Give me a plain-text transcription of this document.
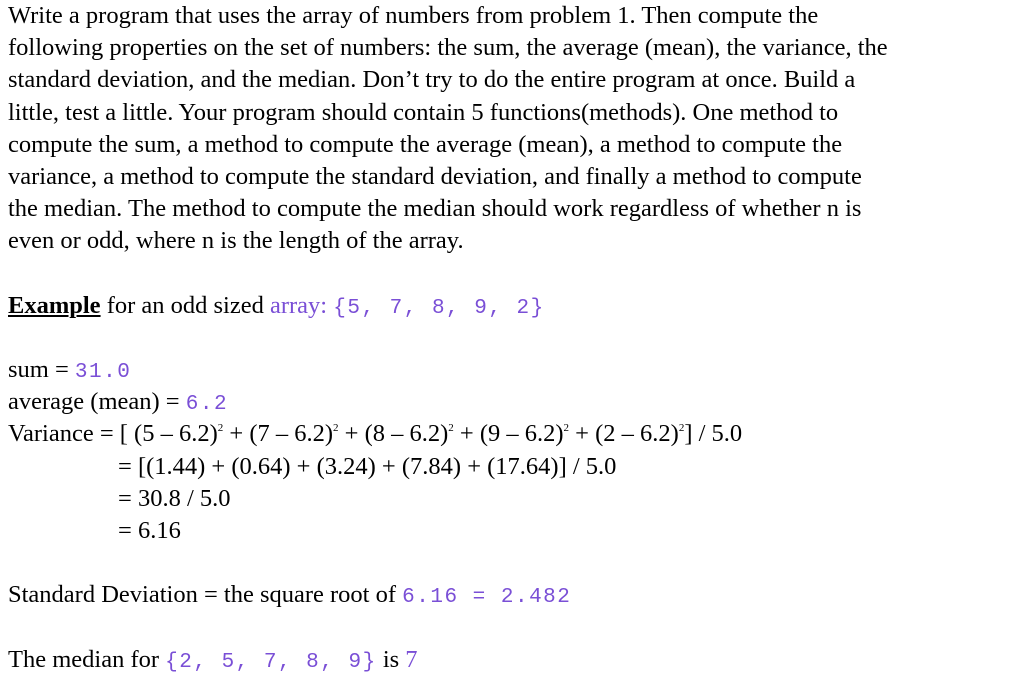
Write a program that uses the array of numbers from problem 1. Then compute the
following properties on the set of numbers: the sum, the average (mean), the variance, the
standard deviation, and the median. Don’t try to do the entire program at once. Build a
little, test a little. Your program should contain 5 functions(methods). One method to
compute the sum, a method to compute the average (mean), a method to compute the
variance, a method to compute the standard deviation, and finally a method to compute
the median. The method to compute the median should work regardless of whether n is
even or odd, where n is the length of the array.
Example for an odd sized array: {5, 7, 8, 9, 2}
sum = 31.0
average (mean) = 6.2
Variance = [ (5 – 6.2)$^2$ + (7 – 6.2)$^2$ + (8 – 6.2)$^2$ + (9 – 6.2)$^2$ + (2 – 6.2)$^2$] / 5.0
= [(1.44) + (0.64) + (3.24) + (7.84) + (17.64)] / 5.0
= 30.8 / 5.0
= 6.16
Standard Deviation = the square root of 6.16 = 2.482
The median for {2, 5, 7, 8, 9} is 7
